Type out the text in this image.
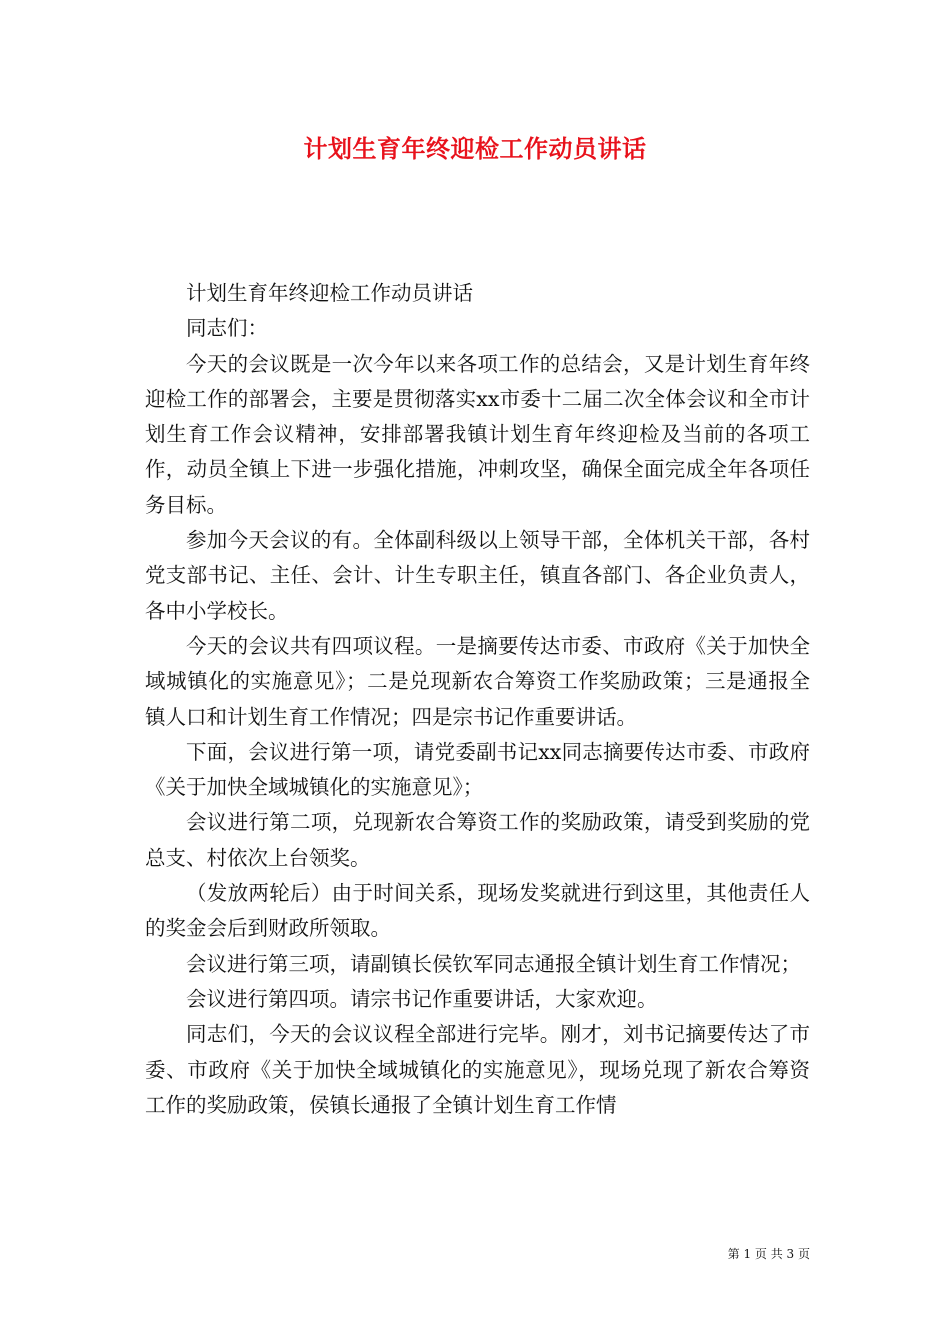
计划生育年终迎检工作动员讲话

计划生育年终迎检工作动员讲话

同志们：

今天的会议既是一次今年以来各项工作的总结会，又是计划生育年终迎检工作的部署会，主要是贯彻落实xx市委十二届二次全体会议和全市计划生育工作会议精神，安排部署我镇计划生育年终迎检及当前的各项工作，动员全镇上下进一步强化措施，冲刺攻坚，确保全面完成全年各项任务目标。

参加今天会议的有。全体副科级以上领导干部，全体机关干部，各村党支部书记、主任、会计、计生专职主任，镇直各部门、各企业负责人，各中小学校长。

今天的会议共有四项议程。一是摘要传达市委、市政府《关于加快全域城镇化的实施意见》；二是兑现新农合筹资工作奖励政策；三是通报全镇人口和计划生育工作情况；四是宗书记作重要讲话。

下面，会议进行第一项，请党委副书记xx同志摘要传达市委、市政府《关于加快全域城镇化的实施意见》；

会议进行第二项，兑现新农合筹资工作的奖励政策，请受到奖励的党总支、村依次上台领奖。

（发放两轮后）由于时间关系，现场发奖就进行到这里，其他责任人的奖金会后到财政所领取。

会议进行第三项，请副镇长侯钦军同志通报全镇计划生育工作情况；

会议进行第四项。请宗书记作重要讲话，大家欢迎。

同志们，今天的会议议程全部进行完毕。刚才，刘书记摘要传达了市委、市政府《关于加快全域城镇化的实施意见》，现场兑现了新农合筹资工作的奖励政策，侯镇长通报了全镇计划生育工作情

第 1 页 共 3 页
